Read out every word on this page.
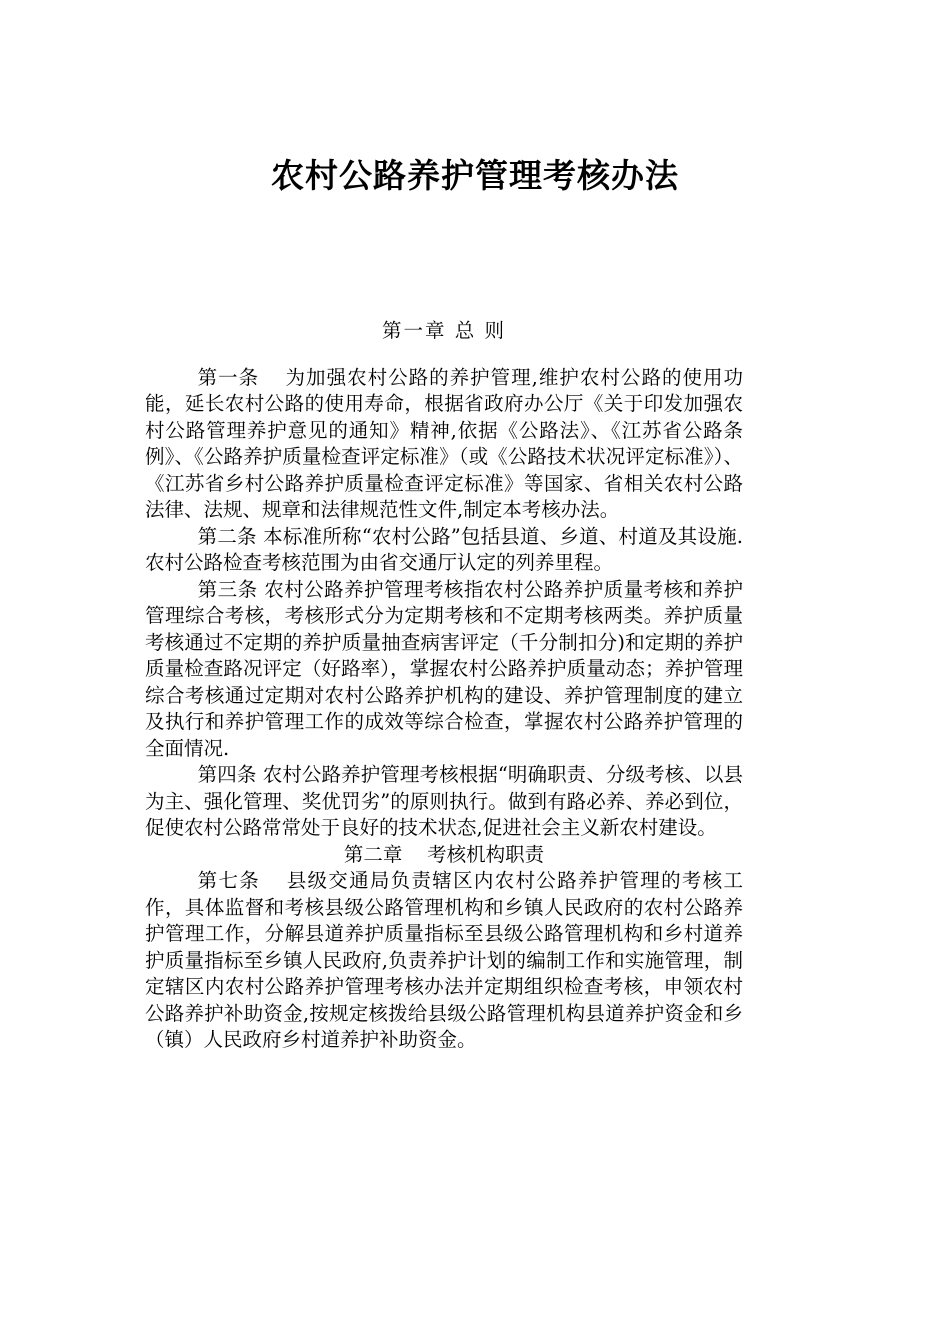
农村公路养护管理考核办法
第一章 总 则

第一条 为加强农村公路的养护管理,维护农村公路的使用功能，延长农村公路的使用寿命，根据省政府办公厅《关于印发加强农村公路管理养护意见的通知》精神,依据《公路法》、《江苏省公路条例》、《公路养护质量检查评定标准》（或《公路技术状况评定标准》）、《江苏省乡村公路养护质量检查评定标准》等国家、省相关农村公路法律、法规、规章和法律规范性文件,制定本考核办法。

第二条 本标准所称“农村公路”包括县道、乡道、村道及其设施.农村公路检查考核范围为由省交通厅认定的列养里程。

第三条 农村公路养护管理考核指农村公路养护质量考核和养护管理综合考核，考核形式分为定期考核和不定期考核两类。养护质量考核通过不定期的养护质量抽查病害评定（千分制扣分)和定期的养护质量检查路况评定（好路率），掌握农村公路养护质量动态；养护管理综合考核通过定期对农村公路养护机构的建设、养护管理制度的建立及执行和养护管理工作的成效等综合检查，掌握农村公路养护管理的全面情况.

第四条 农村公路养护管理考核根据“明确职责、分级考核、以县为主、强化管理、奖优罚劣”的原则执行。做到有路必养、养必到位，促使农村公路常常处于良好的技术状态,促进社会主义新农村建设。

第二章    考核机构职责

第七条 县级交通局负责辖区内农村公路养护管理的考核工作，具体监督和考核县级公路管理机构和乡镇人民政府的农村公路养护管理工作，分解县道养护质量指标至县级公路管理机构和乡村道养护质量指标至乡镇人民政府,负责养护计划的编制工作和实施管理，制定辖区内农村公路养护管理考核办法并定期组织检查考核，申领农村公路养护补助资金,按规定核拨给县级公路管理机构县道养护资金和乡（镇）人民政府乡村道养护补助资金。
